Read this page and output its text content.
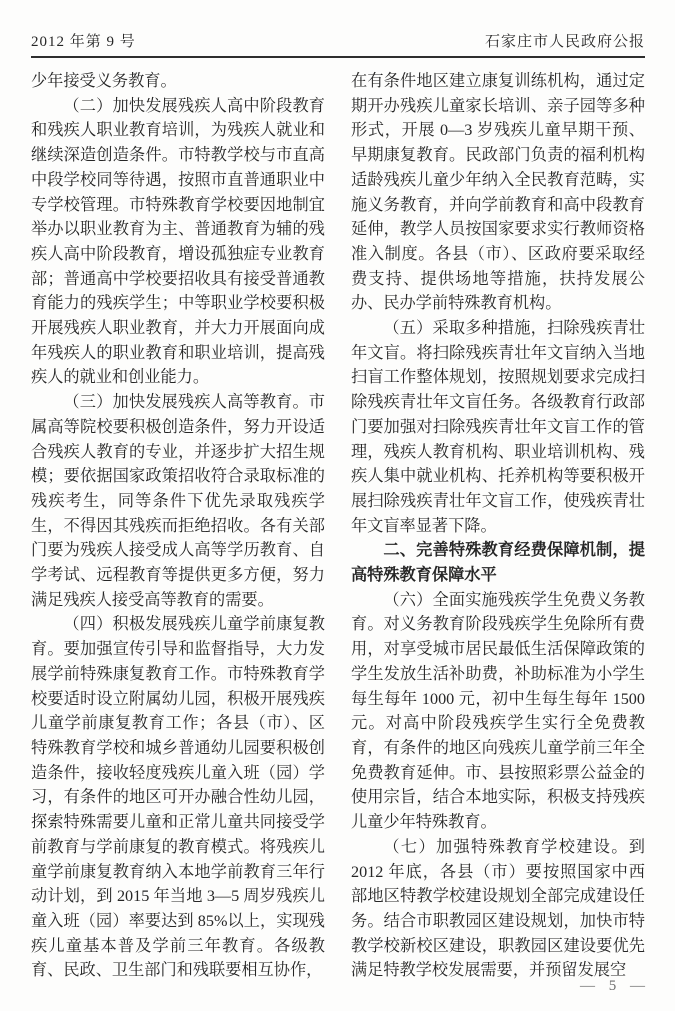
2012 年第 9 号	石家庄市人民政府公报

少年接受义务教育。

（二）加快发展残疾人高中阶段教育和残疾人职业教育培训，为残疾人就业和继续深造创造条件。市特教学校与市直高中段学校同等待遇，按照市直普通职业中专学校管理。市特殊教育学校要因地制宜举办以职业教育为主、普通教育为辅的残疾人高中阶段教育，增设孤独症专业教育部；普通高中学校要招收具有接受普通教育能力的残疾学生；中等职业学校要积极开展残疾人职业教育，并大力开展面向成年残疾人的职业教育和职业培训，提高残疾人的就业和创业能力。

（三）加快发展残疾人高等教育。市属高等院校要积极创造条件，努力开设适合残疾人教育的专业，并逐步扩大招生规模；要依据国家政策招收符合录取标准的残疾考生，同等条件下优先录取残疾学生，不得因其残疾而拒绝招收。各有关部门要为残疾人接受成人高等学历教育、自学考试、远程教育等提供更多方便，努力满足残疾人接受高等教育的需要。

（四）积极发展残疾儿童学前康复教育。要加强宣传引导和监督指导，大力发展学前特殊康复教育工作。市特殊教育学校要适时设立附属幼儿园，积极开展残疾儿童学前康复教育工作；各县（市）、区特殊教育学校和城乡普通幼儿园要积极创造条件，接收轻度残疾儿童入班（园）学习，有条件的地区可开办融合性幼儿园，探索特殊需要儿童和正常儿童共同接受学前教育与学前康复的教育模式。将残疾儿童学前康复教育纳入本地学前教育三年行动计划，到 2015 年当地 3—5 周岁残疾儿童入班（园）率要达到 85%以上，实现残疾儿童基本普及学前三年教育。各级教育、民政、卫生部门和残联要相互协作，

在有条件地区建立康复训练机构，通过定期开办残疾儿童家长培训、亲子园等多种形式，开展 0—3 岁残疾儿童早期干预、早期康复教育。民政部门负责的福利机构适龄残疾儿童少年纳入全民教育范畴，实施义务教育，并向学前教育和高中段教育延伸，教学人员按国家要求实行教师资格准入制度。各县（市）、区政府要采取经费支持、提供场地等措施，扶持发展公办、民办学前特殊教育机构。

（五）采取多种措施，扫除残疾青壮年文盲。将扫除残疾青壮年文盲纳入当地扫盲工作整体规划，按照规划要求完成扫除残疾青壮年文盲任务。各级教育行政部门要加强对扫除残疾青壮年文盲工作的管理，残疾人教育机构、职业培训机构、残疾人集中就业机构、托养机构等要积极开展扫除残疾青壮年文盲工作，使残疾青壮年文盲率显著下降。

二、完善特殊教育经费保障机制，提高特殊教育保障水平

（六）全面实施残疾学生免费义务教育。对义务教育阶段残疾学生免除所有费用，对享受城市居民最低生活保障政策的学生发放生活补助费，补助标准为小学生每生每年 1000 元，初中生每生每年 1500 元。对高中阶段残疾学生实行全免费教育，有条件的地区向残疾儿童学前三年全免费教育延伸。市、县按照彩票公益金的使用宗旨，结合本地实际，积极支持残疾儿童少年特殊教育。

（七）加强特殊教育学校建设。到 2012 年底，各县（市）要按照国家中西部地区特教学校建设规划全部完成建设任务。结合市职教园区建设规划，加快市特教学校新校区建设，职教园区建设要优先满足特教学校发展需要，并预留发展空

— 5 —
